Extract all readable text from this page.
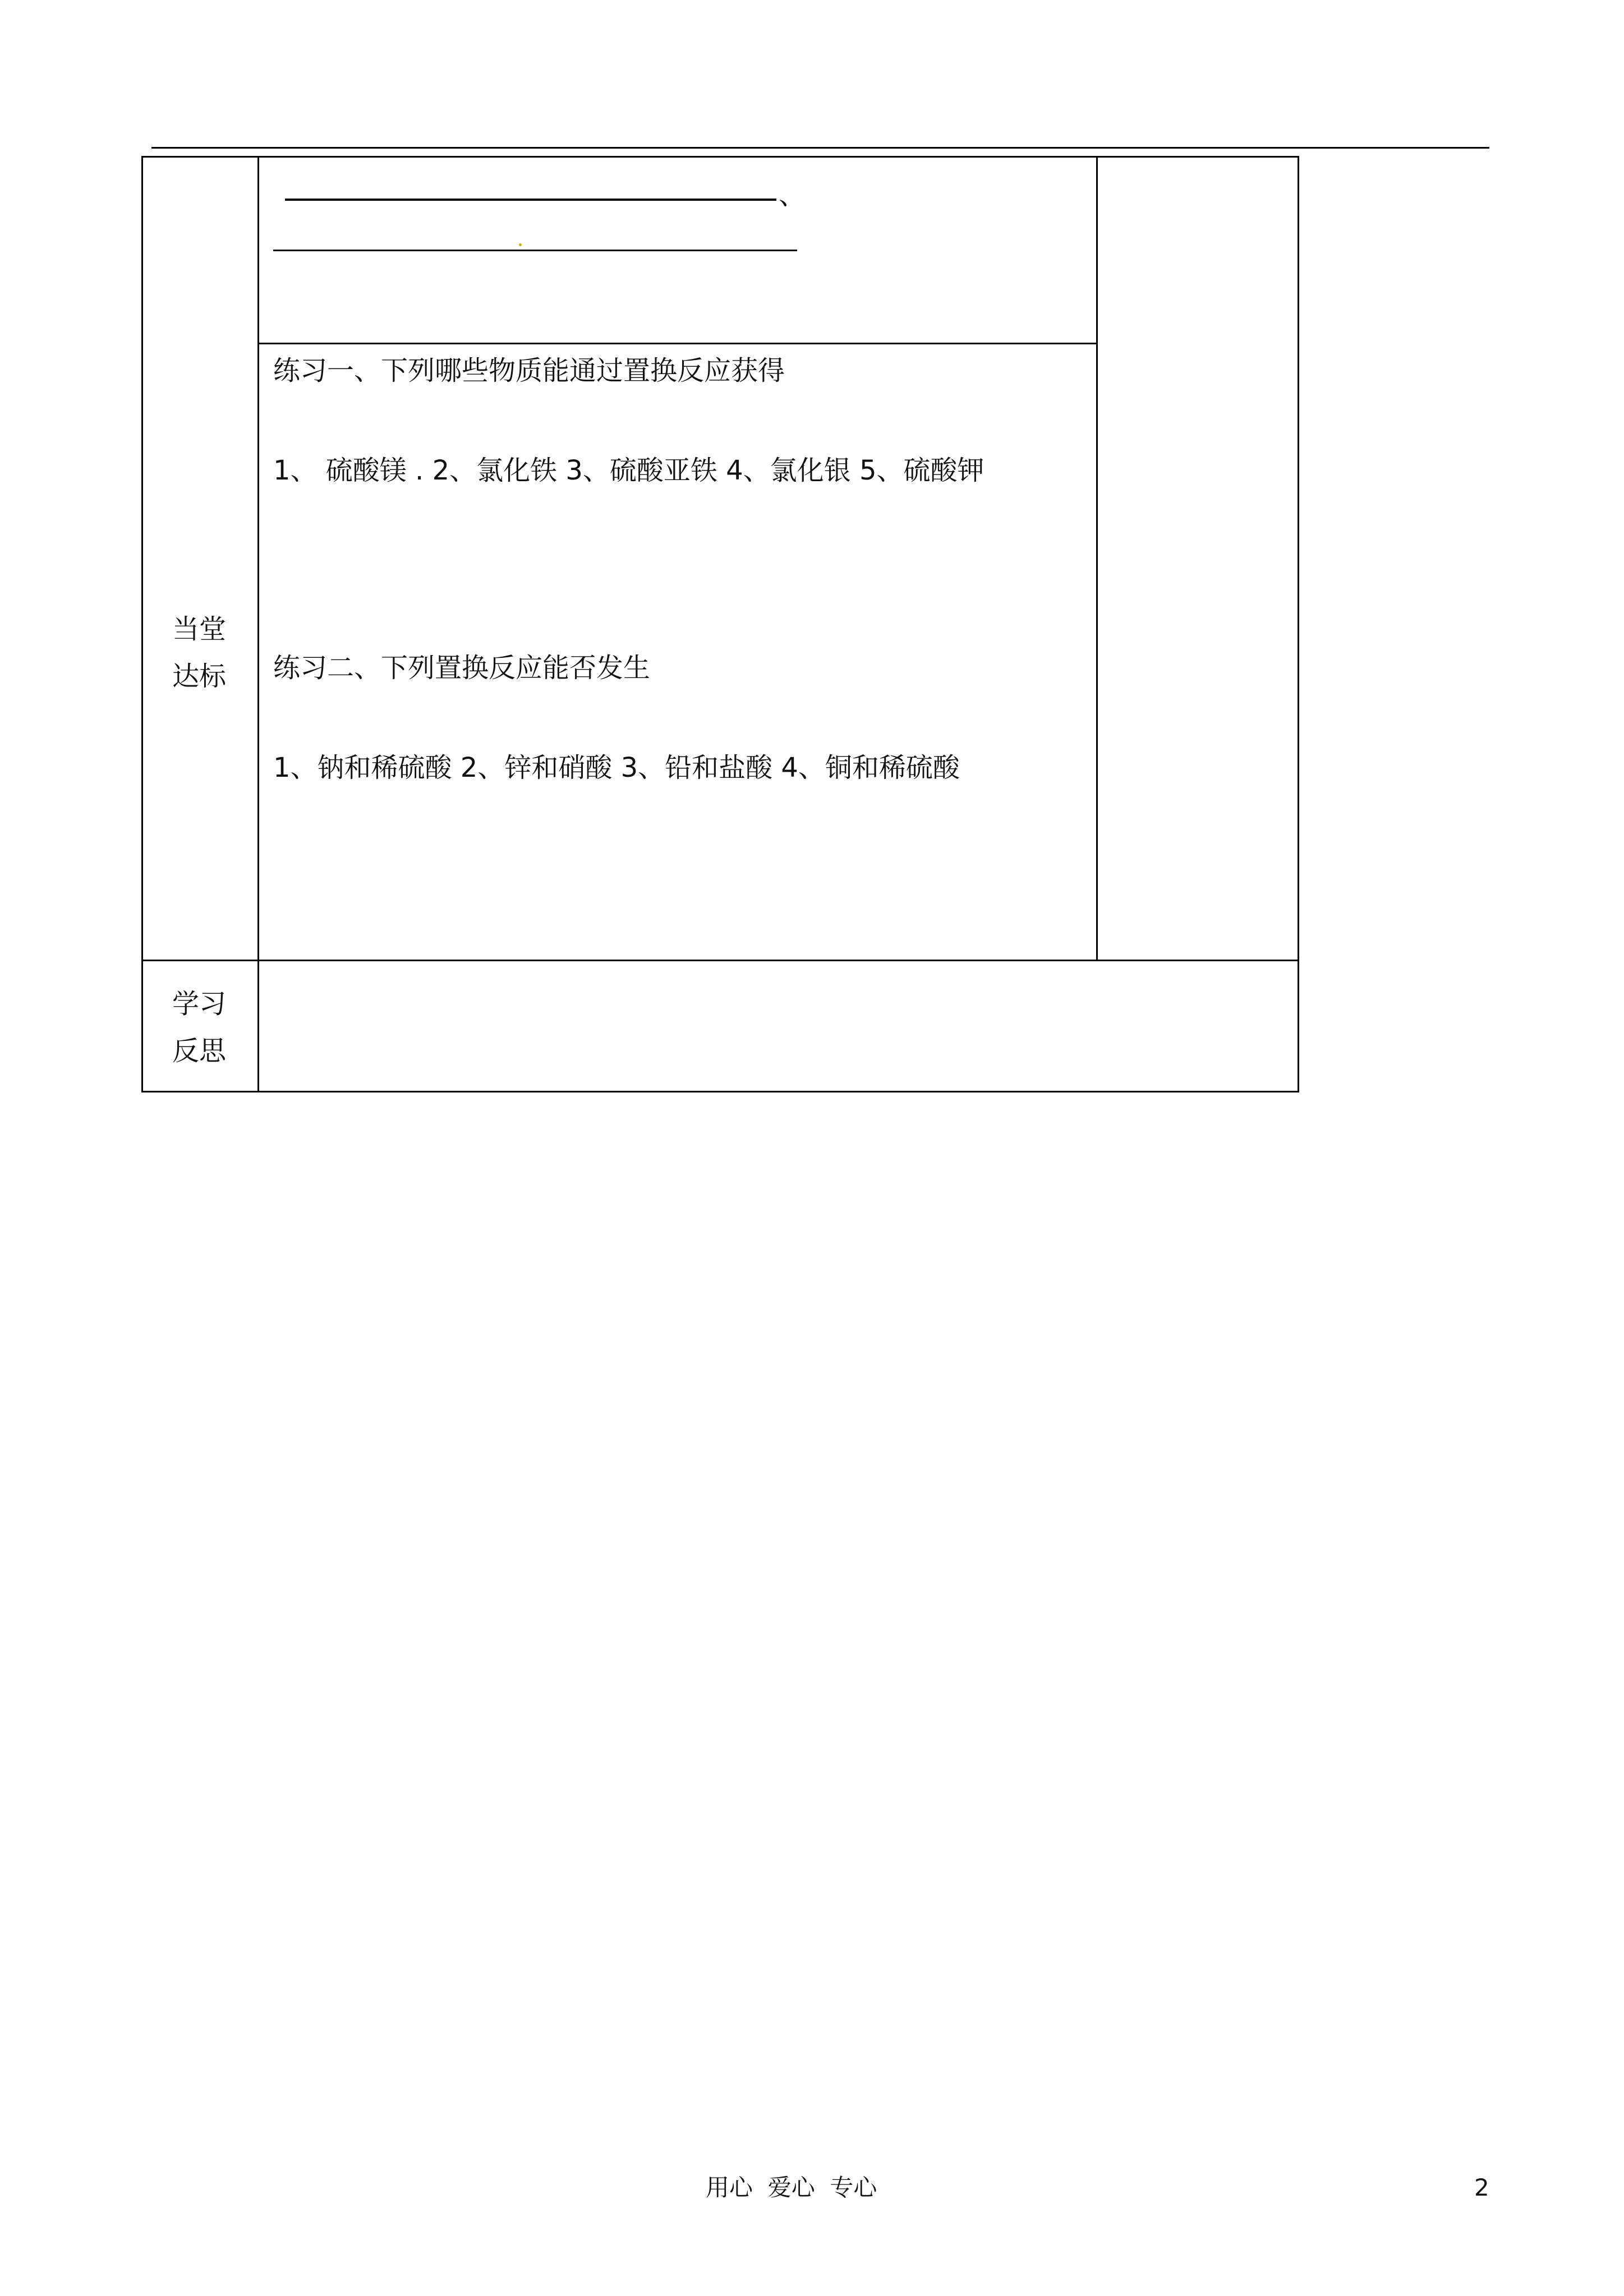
、
当堂
达标
练习一、下列哪些物质能通过置换反应获得
1、 硫酸镁 . 2、氯化铁 3、硫酸亚铁 4、氯化银 5、硫酸钾
练习二、下列置换反应能否发生
1、钠和稀硫酸 2、锌和硝酸 3、铅和盐酸 4、铜和稀硫酸
学习
反思
用心  爱心  专心	2
